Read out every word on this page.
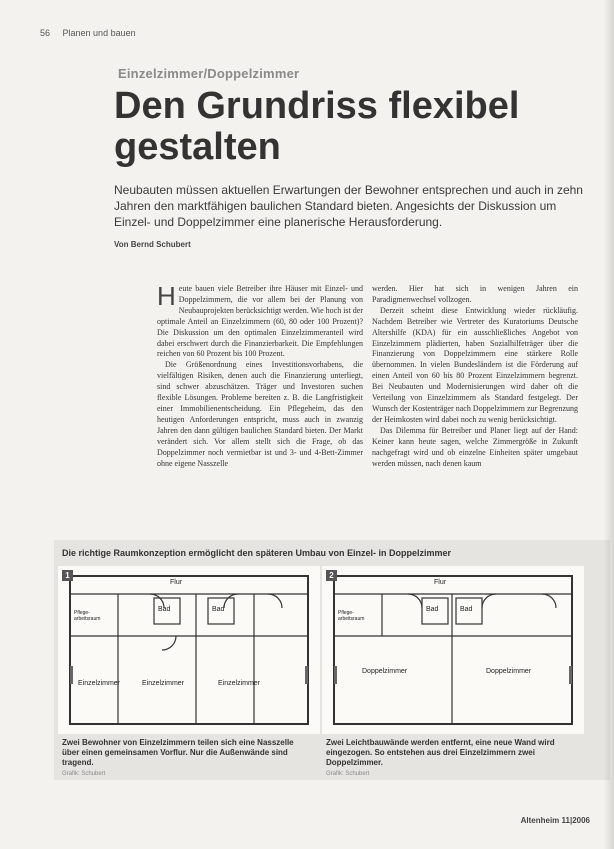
56 Planen und bauen
Einzelzimmer/Doppelzimmer
Den Grundriss flexibel gestalten

Neubauten müssen aktuellen Erwartungen der Bewohner entsprechen und auch in zehn Jahren den marktfähigen baulichen Standard bieten. Angesichts der Diskussion um Einzel- und Doppelzimmer eine planerische Herausforderung.

Von Bernd Schubert

Heute bauen viele Betreiber ihre Häuser mit Einzel- und Doppelzimmern, die vor allem bei der Planung von Neubauprojekten berücksichtigt werden. Wie hoch ist der optimale Anteil an Einzelzimmern (60, 80 oder 100 Prozent)? Die Diskussion um den optimalen Einzelzimmeranteil wird dabei erschwert durch die Finanzierbarkeit. Die Empfehlungen reichen von 60 Prozent bis 100 Prozent.

Die Größenordnung eines Investitionsvorhabens, die vielfältigen Risiken, denen auch die Finanzierung unterliegt, sind schwer abzuschätzen. Träger und Investoren suchen flexible Lösungen. Probleme bereiten z. B. die Langfristigkeit einer Immobilienentscheidung. Ein Pflegeheim, das den heutigen Anforderungen entspricht, muss auch in zwanzig Jahren den dann gültigen baulichen Standard bieten. Der Markt verändert sich. Vor allem stellt sich die Frage, ob das Doppelzimmer noch vermietbar ist und 3- und 4-Bett-Zimmer ohne eigene Nasszelle

werden. Hier hat sich in wenigen Jahren ein Paradigmenwechsel vollzogen.

Derzeit scheint diese Entwicklung wieder rückläufig. Nachdem Betreiber wie Vertreter des Kuratoriums Deutsche Altershilfe (KDA) für ein ausschließliches Angebot von Einzelzimmern plädierten, haben Sozialhilfeträger über die Finanzierung von Doppelzimmern eine stärkere Rolle übernommen. In vielen Bundesländern ist die Förderung auf einen Anteil von 60 bis 80 Prozent Einzelzimmern begrenzt. Bei Neubauten und Modernisierungen wird daher oft die Verteilung von Einzelzimmern als Standard festgelegt. Der Wunsch der Kostenträger nach Doppelzimmern zur Begrenzung der Heimkosten wird dabei noch zu wenig berücksichtigt.

Das Dilemma für Betreiber und Planer liegt auf der Hand: Keiner kann heute sagen, welche Zimmergröße in Zukunft nachgefragt wird und ob einzelne Einheiten später umgebaut werden müssen, nach denen kaum

Die richtige Raumkonzeption ermöglicht den späteren Umbau von Einzel- in Doppelzimmer
1
Flur
Pflege-arbeitsraum
Bad	Bad
Einzelzimmer	Einzelzimmer	Einzelzimmer
Zwei Bewohner von Einzelzimmern teilen sich eine Nasszelle über einen gemeinsamen Vorflur. Nur die Außenwände sind tragend.
Grafik: Schubert
2
Flur
Pflege-arbeitsraum
Bad	Bad
Doppelzimmer	Doppelzimmer
Zwei Leichtbauwände werden entfernt, eine neue Wand wird eingezogen. So entstehen aus drei Einzelzimmern zwei Doppelzimmer.
Grafik: Schubert
Altenheim 11|2006
